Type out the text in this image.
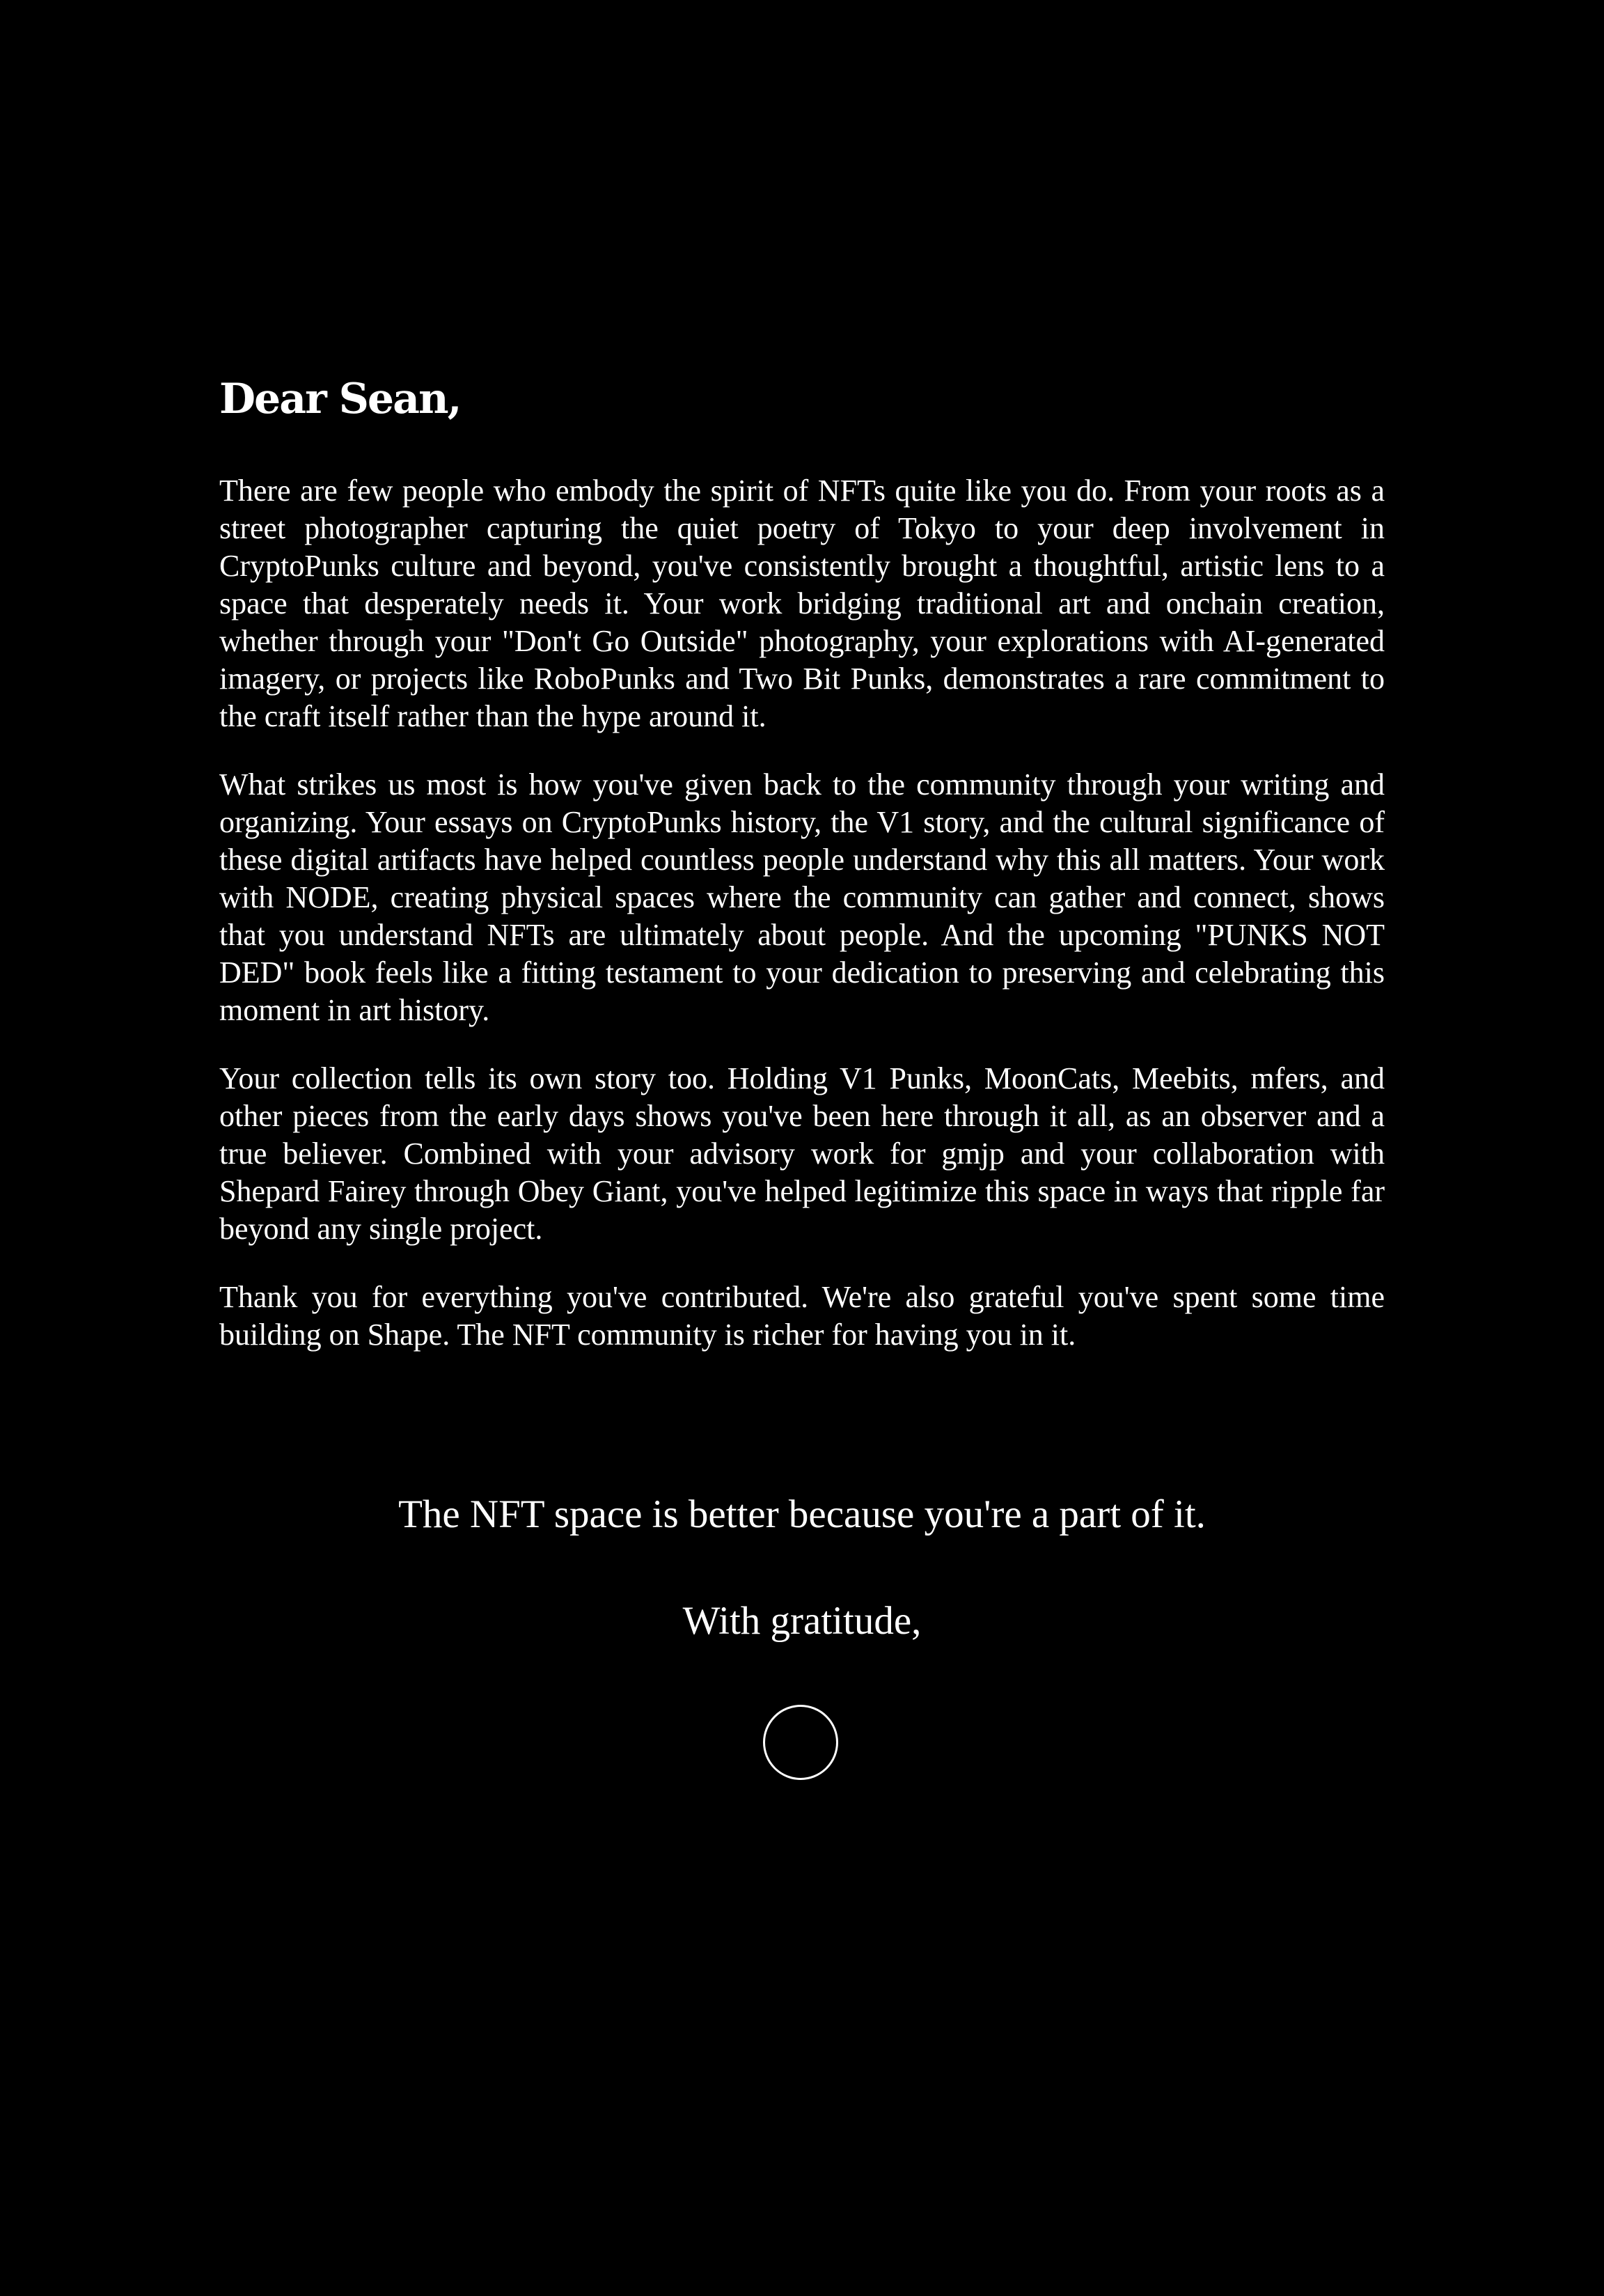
Dear Sean,

There are few people who embody the spirit of NFTs quite like you do. From your roots as a street photographer capturing the quiet poetry of Tokyo to your deep involvement in CryptoPunks culture and beyond, you've consistently brought a thoughtful, artistic lens to a space that desperately needs it. Your work bridging traditional art and onchain creation, whether through your "Don't Go Outside" photography, your explorations with AI-generated imagery, or projects like RoboPunks and Two Bit Punks, demonstrates a rare commitment to the craft itself rather than the hype around it.

What strikes us most is how you've given back to the community through your writing and organizing. Your essays on CryptoPunks history, the V1 story, and the cultural significance of these digital artifacts have helped countless people understand why this all matters. Your work with NODE, creating physical spaces where the community can gather and connect, shows that you understand NFTs are ultimately about people. And the upcoming "PUNKS NOT DED" book feels like a fitting testament to your dedication to preserving and celebrating this moment in art history.

Your collection tells its own story too. Holding V1 Punks, MoonCats, Meebits, mfers, and other pieces from the early days shows you've been here through it all, as an observer and a true believer. Combined with your advisory work for gmjp and your collaboration with Shepard Fairey through Obey Giant, you've helped legitimize this space in ways that ripple far beyond any single project.

Thank you for everything you've contributed. We're also grateful you've spent some time building on Shape. The NFT community is richer for having you in it.

The NFT space is better because you're a part of it.
With gratitude,
